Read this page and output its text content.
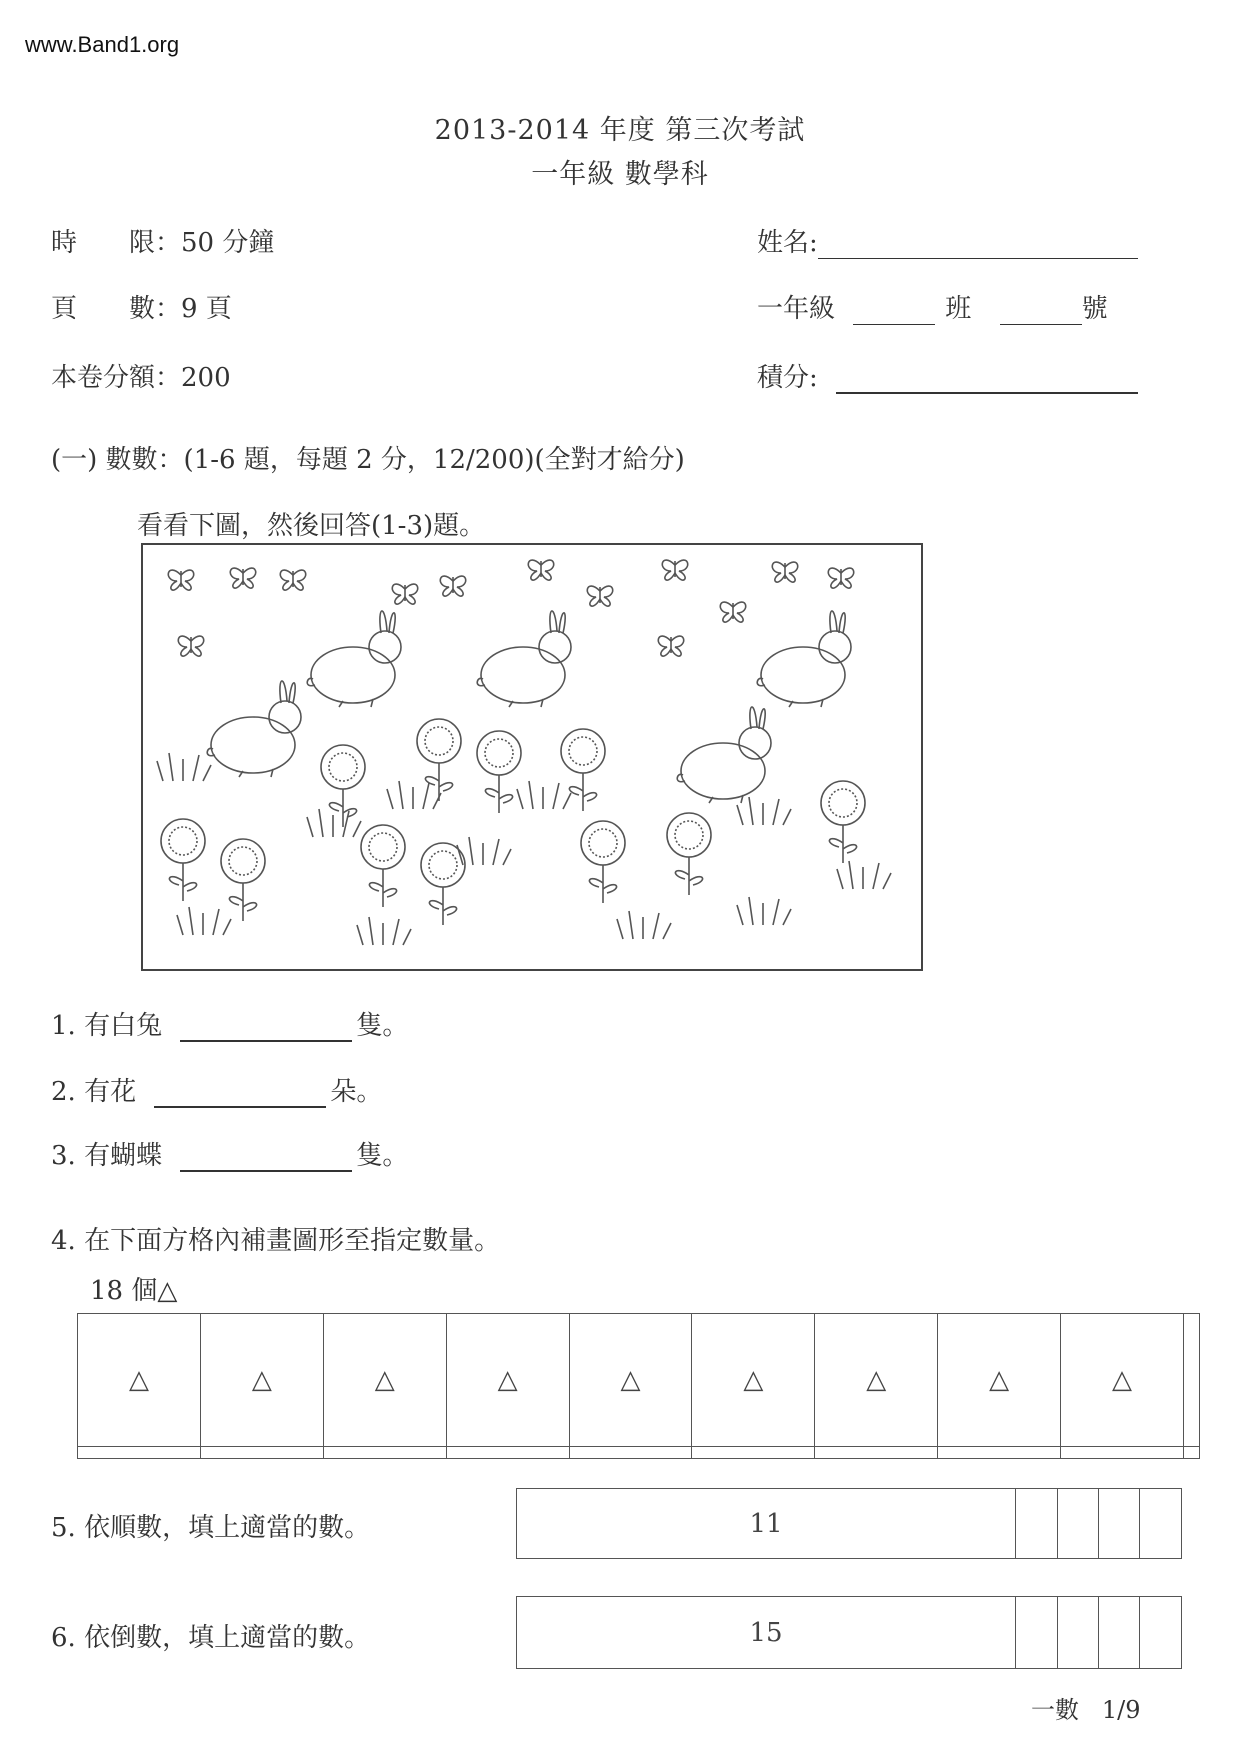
www.Band1.org
2013-2014 年度 第三次考試
一年級 數學科
時　　限：50 分鐘
頁　　數：9 頁
本卷分額：200
姓名:
一年級	班	號
積分:
(一) 數數：(1-6 題，每題 2 分，12/200)(全對才給分)
看看下圖，然後回答(1-3)題。
1. 有白兔	隻。
2. 有花	朵。
3. 有蝴蝶	隻。
4. 在下面方格內補畫圖形至指定數量。
18 個△
△	△	△	△	△	△	△	△	△	

5. 依順數，填上適當的數。	11				
6. 依倒數，填上適當的數。	15				
一數 1/9
